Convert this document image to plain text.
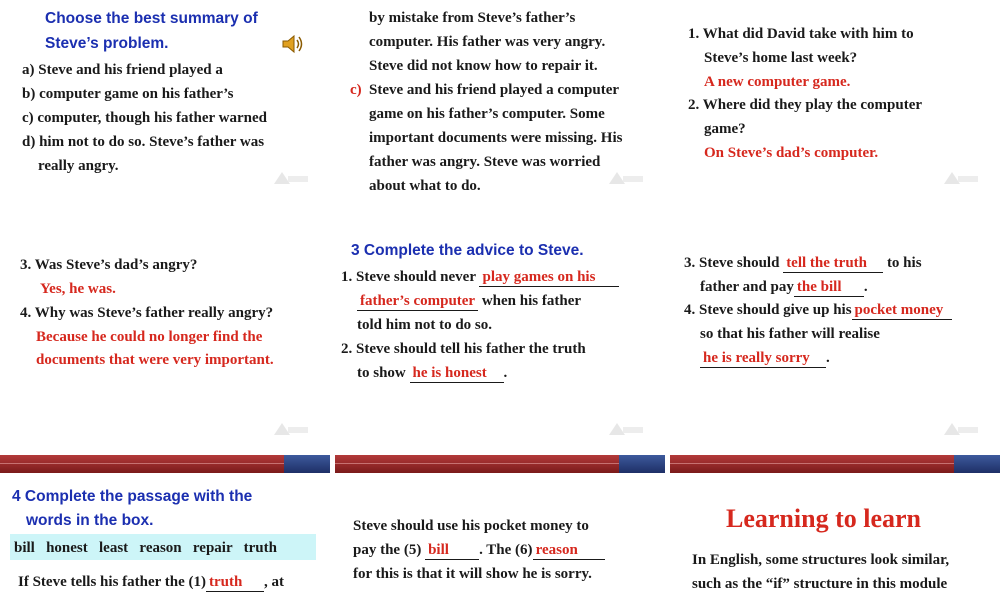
Choose the best summary of
Steve’s problem.
a) Steve and his friend played a
b) computer game on his father’s
c) computer, though his father warned
d) him not to do so. Steve’s father was
really angry.
by mistake from Steve’s father’s
computer. His father was very angry.
Steve did not know how to repair it.
c) Steve and his friend played a computer
game on his father’s computer. Some
important documents were missing. His
father was angry. Steve was worried
about what to do.
1. What did David take with him to
Steve’s home last week?
A new computer game.
2. Where did they play the computer
game?
On Steve’s dad’s computer.
3. Was Steve’s dad’s angry?
Yes, he was.
4. Why was Steve’s father really angry?
Because he could no longer find the
documents that were very important.
3 Complete the advice to Steve.
1. Steve should never play games on his
father’s computer when his father
told him not to do so.
2. Steve should tell his father the truth
to show he is honest .
3. Steve should tell the truth to his
father and pay the bill .
4. Steve should give up his pocket money
so that his father will realise
he is really sorry .
4 Complete the passage with the
words in the box.
bill   honest   least   reason   repair   truth
If Steve tells his father the (1) truth , at
Steve should use his pocket money to
pay the (5) bill . The (6) reason
for this is that it will show he is sorry.
Learning to learn
In English, some structures look similar,
such as the “if” structure in this module
